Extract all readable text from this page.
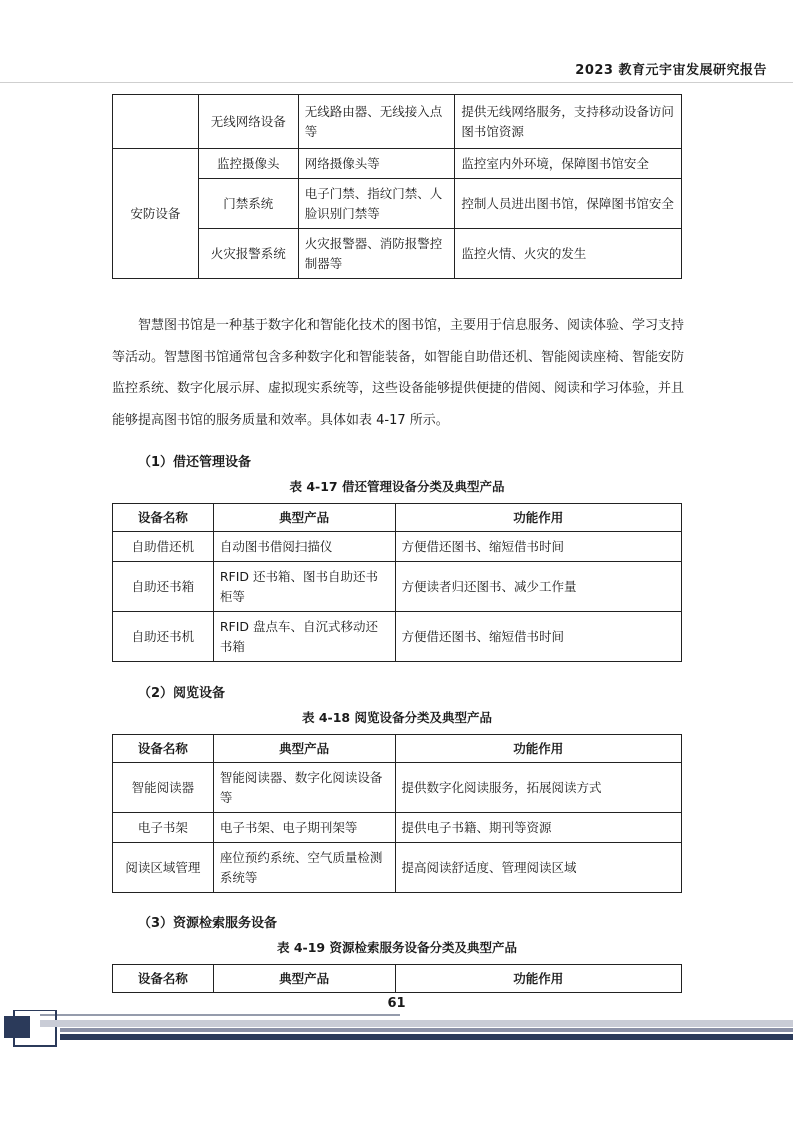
2023 教育元宇宙发展研究报告
	无线网络设备	无线路由器、无线接入点等	提供无线网络服务，支持移动设备访问图书馆资源
安防设备	监控摄像头	网络摄像头等	监控室内外环境，保障图书馆安全
	门禁系统	电子门禁、指纹门禁、人脸识别门禁等	控制人员进出图书馆，保障图书馆安全
	火灾报警系统	火灾报警器、消防报警控制器等	监控火情、火灾的发生
智慧图书馆是一种基于数字化和智能化技术的图书馆，主要用于信息服务、阅读体验、学习支持等活动。智慧图书馆通常包含多种数字化和智能装备，如智能自助借还机、智能阅读座椅、智能安防监控系统、数字化展示屏、虚拟现实系统等，这些设备能够提供便捷的借阅、阅读和学习体验，并且能够提高图书馆的服务质量和效率。具体如表 4-17 所示。
（1）借还管理设备
表 4-17 借还管理设备分类及典型产品
设备名称	典型产品	功能作用
自助借还机	自动图书借阅扫描仪	方便借还图书、缩短借书时间
自助还书箱	RFID 还书箱、图书自助还书柜等	方便读者归还图书、减少工作量
自助还书机	RFID 盘点车、自沉式移动还书箱	方便借还图书、缩短借书时间
（2）阅览设备
表 4-18 阅览设备分类及典型产品
设备名称	典型产品	功能作用
智能阅读器	智能阅读器、数字化阅读设备等	提供数字化阅读服务，拓展阅读方式
电子书架	电子书架、电子期刊架等	提供电子书籍、期刊等资源
阅读区域管理	座位预约系统、空气质量检测系统等	提高阅读舒适度、管理阅读区域
（3）资源检索服务设备
表 4-19 资源检索服务设备分类及典型产品
设备名称	典型产品	功能作用
61
